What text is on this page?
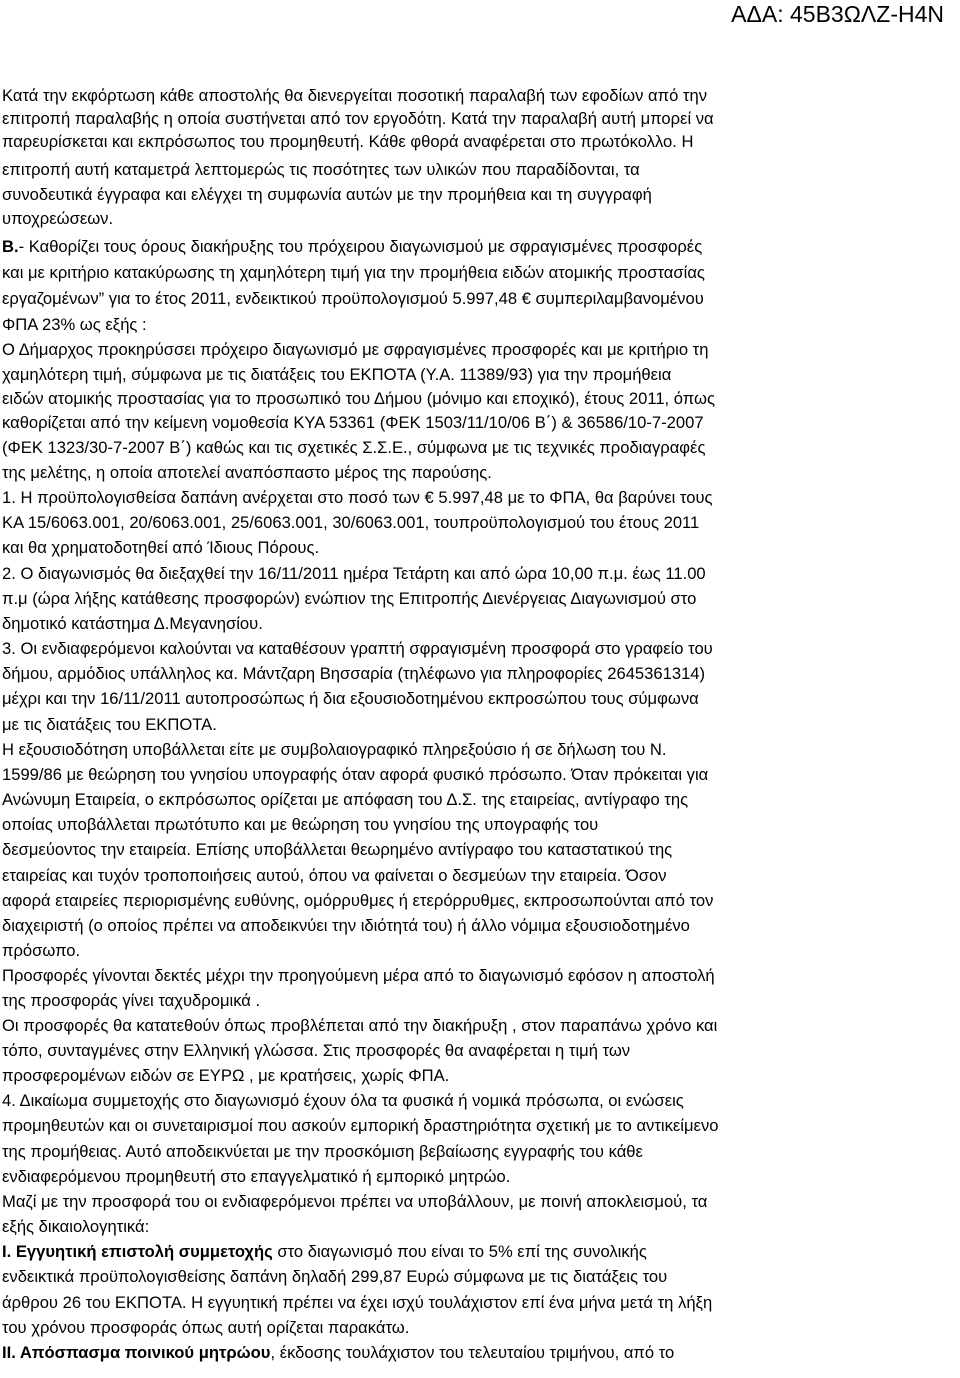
ΑΔΑ: 45Β3ΩΛΖ-Η4Ν
Κατά την εκφόρτωση κάθε αποστολής θα διενεργείται ποσοτική παραλαβή των εφοδίων από την
επιτροπή παραλαβής η οποία συστήνεται από τον εργοδότη. Κατά την παραλαβή αυτή μπορεί να
παρευρίσκεται και εκπρόσωπος του προμηθευτή. Κάθε φθορά αναφέρεται στο πρωτόκολλο. Η
επιτροπή αυτή καταμετρά λεπτομερώς τις ποσότητες των υλικών που παραδίδονται, τα
συνοδευτικά έγγραφα και ελέγχει τη συμφωνία αυτών με την προμήθεια και τη συγγραφή
υποχρεώσεων.
Β.- Καθορίζει τους όρους διακήρυξης του πρόχειρου διαγωνισμού με σφραγισμένες προσφορές
και με κριτήριο κατακύρωσης τη χαμηλότερη τιμή για την προμήθεια ειδών ατομικής προστασίας
εργαζομένων” για το έτος 2011, ενδεικτικού προϋπολογισμού 5.997,48 € συμπεριλαμβανομένου
ΦΠΑ 23% ως εξής :
Ο Δήμαρχος προκηρύσσει πρόχειρο διαγωνισμό με σφραγισμένες προσφορές και με κριτήριο τη
χαμηλότερη τιμή, σύμφωνα με τις διατάξεις του ΕΚΠΟΤΑ (Υ.Α. 11389/93) για την προμήθεια
ειδών ατομικής προστασίας για το προσωπικό του Δήμου (μόνιμο και εποχικό), έτους 2011, όπως
καθορίζεται από την κείμενη νομοθεσία ΚΥΑ 53361 (ΦΕΚ 1503/11/10/06 Β΄) & 36586/10-7-2007
(ΦΕΚ 1323/30-7-2007 Β΄) καθώς και τις σχετικές Σ.Σ.Ε., σύμφωνα με τις τεχνικές προδιαγραφές
της μελέτης, η οποία αποτελεί αναπόσπαστο μέρος της παρούσης.
1. Η προϋπολογισθείσα δαπάνη ανέρχεται στο ποσό των € 5.997,48 με το ΦΠΑ, θα βαρύνει τους
ΚΑ 15/6063.001, 20/6063.001, 25/6063.001, 30/6063.001, τουπροϋπολογισμού του έτους 2011
και θα χρηματοδοτηθεί από Ίδιους Πόρους.
2. Ο διαγωνισμός θα διεξαχθεί την 16/11/2011 ημέρα Τετάρτη και από ώρα 10,00 π.μ. έως 11.00
π.μ (ώρα λήξης κατάθεσης προσφορών) ενώπιον της Επιτροπής Διενέργειας Διαγωνισμού στο
δημοτικό κατάστημα Δ.Μεγανησίου.
3. Οι ενδιαφερόμενοι καλούνται να καταθέσουν γραπτή σφραγισμένη προσφορά στο γραφείο του
δήμου, αρμόδιος υπάλληλος κα. Μάντζαρη Βησσαρία (τηλέφωνο για πληροφορίες 2645361314)
μέχρι και την 16/11/2011 αυτοπροσώπως ή δια εξουσιοδοτημένου εκπροσώπου τους σύμφωνα
με τις διατάξεις του ΕΚΠΟΤΑ.
Η εξουσιοδότηση υποβάλλεται είτε με συμβολαιογραφικό πληρεξούσιο ή σε δήλωση του Ν.
1599/86 με θεώρηση του γνησίου υπογραφής όταν αφορά φυσικό πρόσωπο. Όταν πρόκειται για
Ανώνυμη Εταιρεία, ο εκπρόσωπος ορίζεται με απόφαση του Δ.Σ. της εταιρείας, αντίγραφο της
οποίας υποβάλλεται πρωτότυπο και με θεώρηση του γνησίου της υπογραφής του
δεσμεύοντος την εταιρεία. Επίσης υποβάλλεται θεωρημένο αντίγραφο του καταστατικού της
εταιρείας και τυχόν τροποποιήσεις αυτού, όπου να φαίνεται ο δεσμεύων την εταιρεία. Όσον
αφορά εταιρείες περιορισμένης ευθύνης, ομόρρυθμες ή ετερόρρυθμες, εκπροσωπούνται από τον
διαχειριστή (ο οποίος πρέπει να αποδεικνύει την ιδιότητά του) ή άλλο νόμιμα εξουσιοδοτημένο
πρόσωπο.
Προσφορές γίνονται δεκτές μέχρι την προηγούμενη μέρα από το διαγωνισμό εφόσον η αποστολή
της προσφοράς γίνει ταχυδρομικά .
Οι προσφορές θα κατατεθούν όπως προβλέπεται από την διακήρυξη , στον παραπάνω χρόνο και
τόπο, συνταγμένες στην Ελληνική γλώσσα. Στις προσφορές θα αναφέρεται η τιμή των
προσφερομένων ειδών σε ΕΥΡΩ , με κρατήσεις, χωρίς ΦΠΑ.
4. Δικαίωμα συμμετοχής στο διαγωνισμό έχουν όλα τα φυσικά ή νομικά πρόσωπα, οι ενώσεις
προμηθευτών και οι συνεταιρισμοί που ασκούν εμπορική δραστηριότητα σχετική με το αντικείμενο
της προμήθειας. Αυτό αποδεικνύεται με την προσκόμιση βεβαίωσης εγγραφής του κάθε
ενδιαφερόμενου προμηθευτή στο επαγγελματικό ή εμπορικό μητρώο.
Μαζί με την προσφορά του οι ενδιαφερόμενοι πρέπει να υποβάλλουν, με ποινή αποκλεισμού, τα
εξής δικαιολογητικά:
Ι. Εγγυητική επιστολή συμμετοχής στο διαγωνισμό που είναι το 5% επί της συνολικής
ενδεικτικά προϋπολογισθείσης δαπάνη δηλαδή 299,87 Ευρώ σύμφωνα με τις διατάξεις του
άρθρου 26 του ΕΚΠΟΤΑ. Η εγγυητική πρέπει να έχει ισχύ τουλάχιστον επί ένα μήνα μετά τη λήξη
του χρόνου προσφοράς όπως αυτή ορίζεται παρακάτω.
ΙΙ. Απόσπασμα ποινικού μητρώου, έκδοσης τουλάχιστον του τελευταίου τριμήνου, από το
